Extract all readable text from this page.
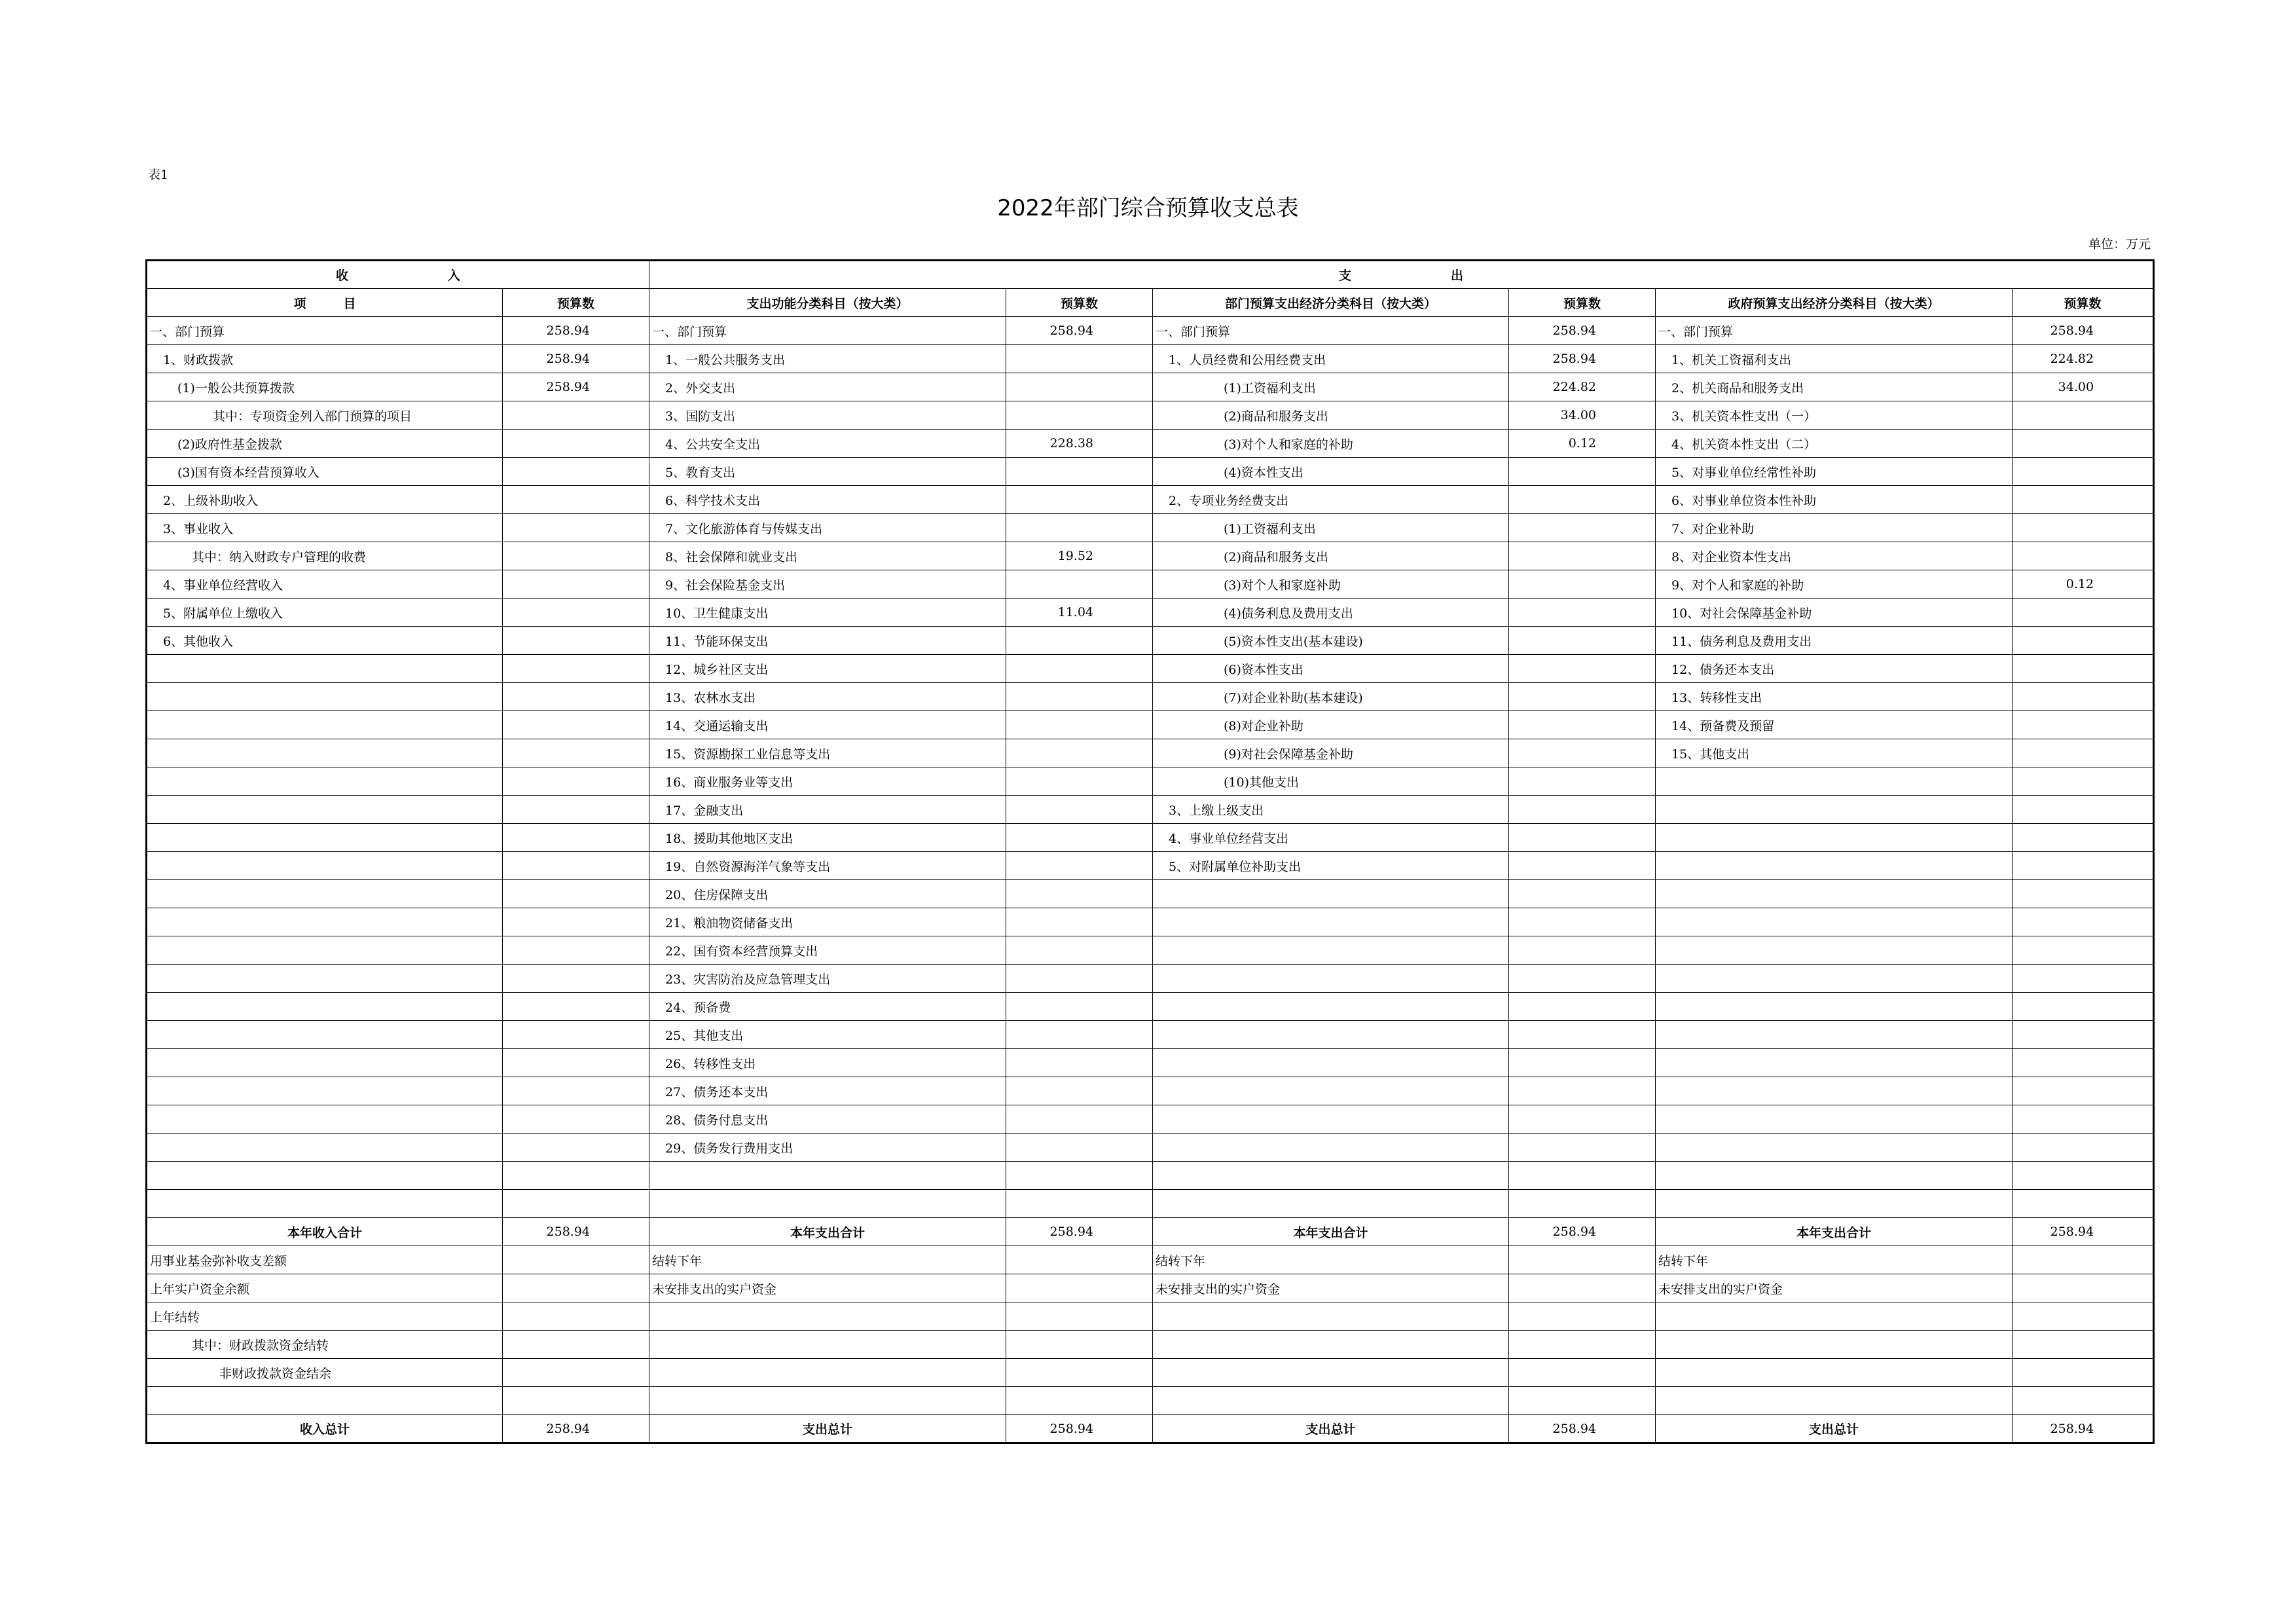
表1
2022年部门综合预算收支总表
单位：万元
收　　　　　　　　入		支　　　　　　　　出					
项　　　目	预算数	支出功能分类科目（按大类）	预算数	部门预算支出经济分类科目（按大类）	预算数	政府预算支出经济分类科目（按大类）	预算数
一、部门预算	258.94	一、部门预算	258.94	一、部门预算	258.94	一、部门预算	258.94
1、财政拨款	258.94	1、一般公共服务支出		1、人员经费和公用经费支出	258.94	1、机关工资福利支出	224.82
(1)一般公共预算拨款	258.94	2、外交支出		(1)工资福利支出	224.82	2、机关商品和服务支出	34.00
其中：专项资金列入部门预算的项目		3、国防支出		(2)商品和服务支出	34.00	3、机关资本性支出（一）	
(2)政府性基金拨款		4、公共安全支出	228.38	(3)对个人和家庭的补助	0.12	4、机关资本性支出（二）	
(3)国有资本经营预算收入		5、教育支出		(4)资本性支出		5、对事业单位经常性补助	
2、上级补助收入		6、科学技术支出		2、专项业务经费支出		6、对事业单位资本性补助	
3、事业收入		7、文化旅游体育与传媒支出		(1)工资福利支出		7、对企业补助	
其中：纳入财政专户管理的收费		8、社会保障和就业支出	19.52	(2)商品和服务支出		8、对企业资本性支出	
4、事业单位经营收入		9、社会保险基金支出		(3)对个人和家庭补助		9、对个人和家庭的补助	0.12
5、附属单位上缴收入		10、卫生健康支出	11.04	(4)债务利息及费用支出		10、对社会保障基金补助	
6、其他收入		11、节能环保支出		(5)资本性支出(基本建设)		11、债务利息及费用支出	
		12、城乡社区支出		(6)资本性支出		12、债务还本支出	
		13、农林水支出		(7)对企业补助(基本建设)		13、转移性支出	
		14、交通运输支出		(8)对企业补助		14、预备费及预留	
		15、资源勘探工业信息等支出		(9)对社会保障基金补助		15、其他支出	
		16、商业服务业等支出		(10)其他支出			
		17、金融支出		3、上缴上级支出			
		18、援助其他地区支出		4、事业单位经营支出			
		19、自然资源海洋气象等支出		5、对附属单位补助支出			
		20、住房保障支出					
		21、粮油物资储备支出					
		22、国有资本经营预算支出					
		23、灾害防治及应急管理支出					
		24、预备费					
		25、其他支出					
		26、转移性支出					
		27、债务还本支出					
		28、债务付息支出					
		29、债务发行费用支出					

本年收入合计	258.94	本年支出合计	258.94	本年支出合计	258.94	本年支出合计	258.94
用事业基金弥补收支差额		结转下年		结转下年		结转下年	
上年实户资金余额		未安排支出的实户资金		未安排支出的实户资金		未安排支出的实户资金	
上年结转							
其中：财政拨款资金结转							
非财政拨款资金结余							

收入总计	258.94	支出总计	258.94	支出总计	258.94	支出总计	258.94
